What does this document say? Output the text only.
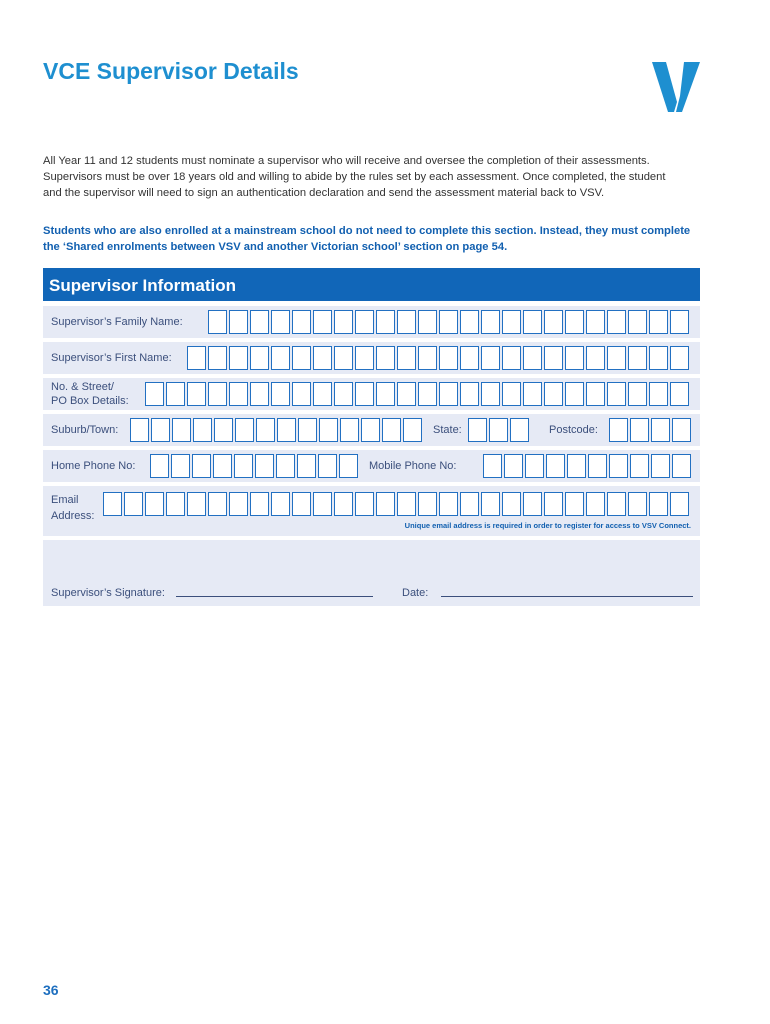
VCE Supervisor Details

All Year 11 and 12 students must nominate a supervisor who will receive and oversee the completion of their assessments. Supervisors must be over 18 years old and willing to abide by the rules set by each assessment. Once completed, the student and the supervisor will need to sign an authentication declaration and send the assessment material back to VSV.

Students who are also enrolled at a mainstream school do not need to complete this section. Instead, they must complete the ‘Shared enrolments between VSV and another Victorian school’ section on page 54.

Supervisor Information
Supervisor’s Family Name:
Supervisor’s First Name:
No. & Street/
PO Box Details:
Suburb/Town:	State:	Postcode:
Home Phone No:	Mobile Phone No:
Email
Address:
Unique email address is required in order to register for access to VSV Connect.
Supervisor’s Signature:	Date:
36
